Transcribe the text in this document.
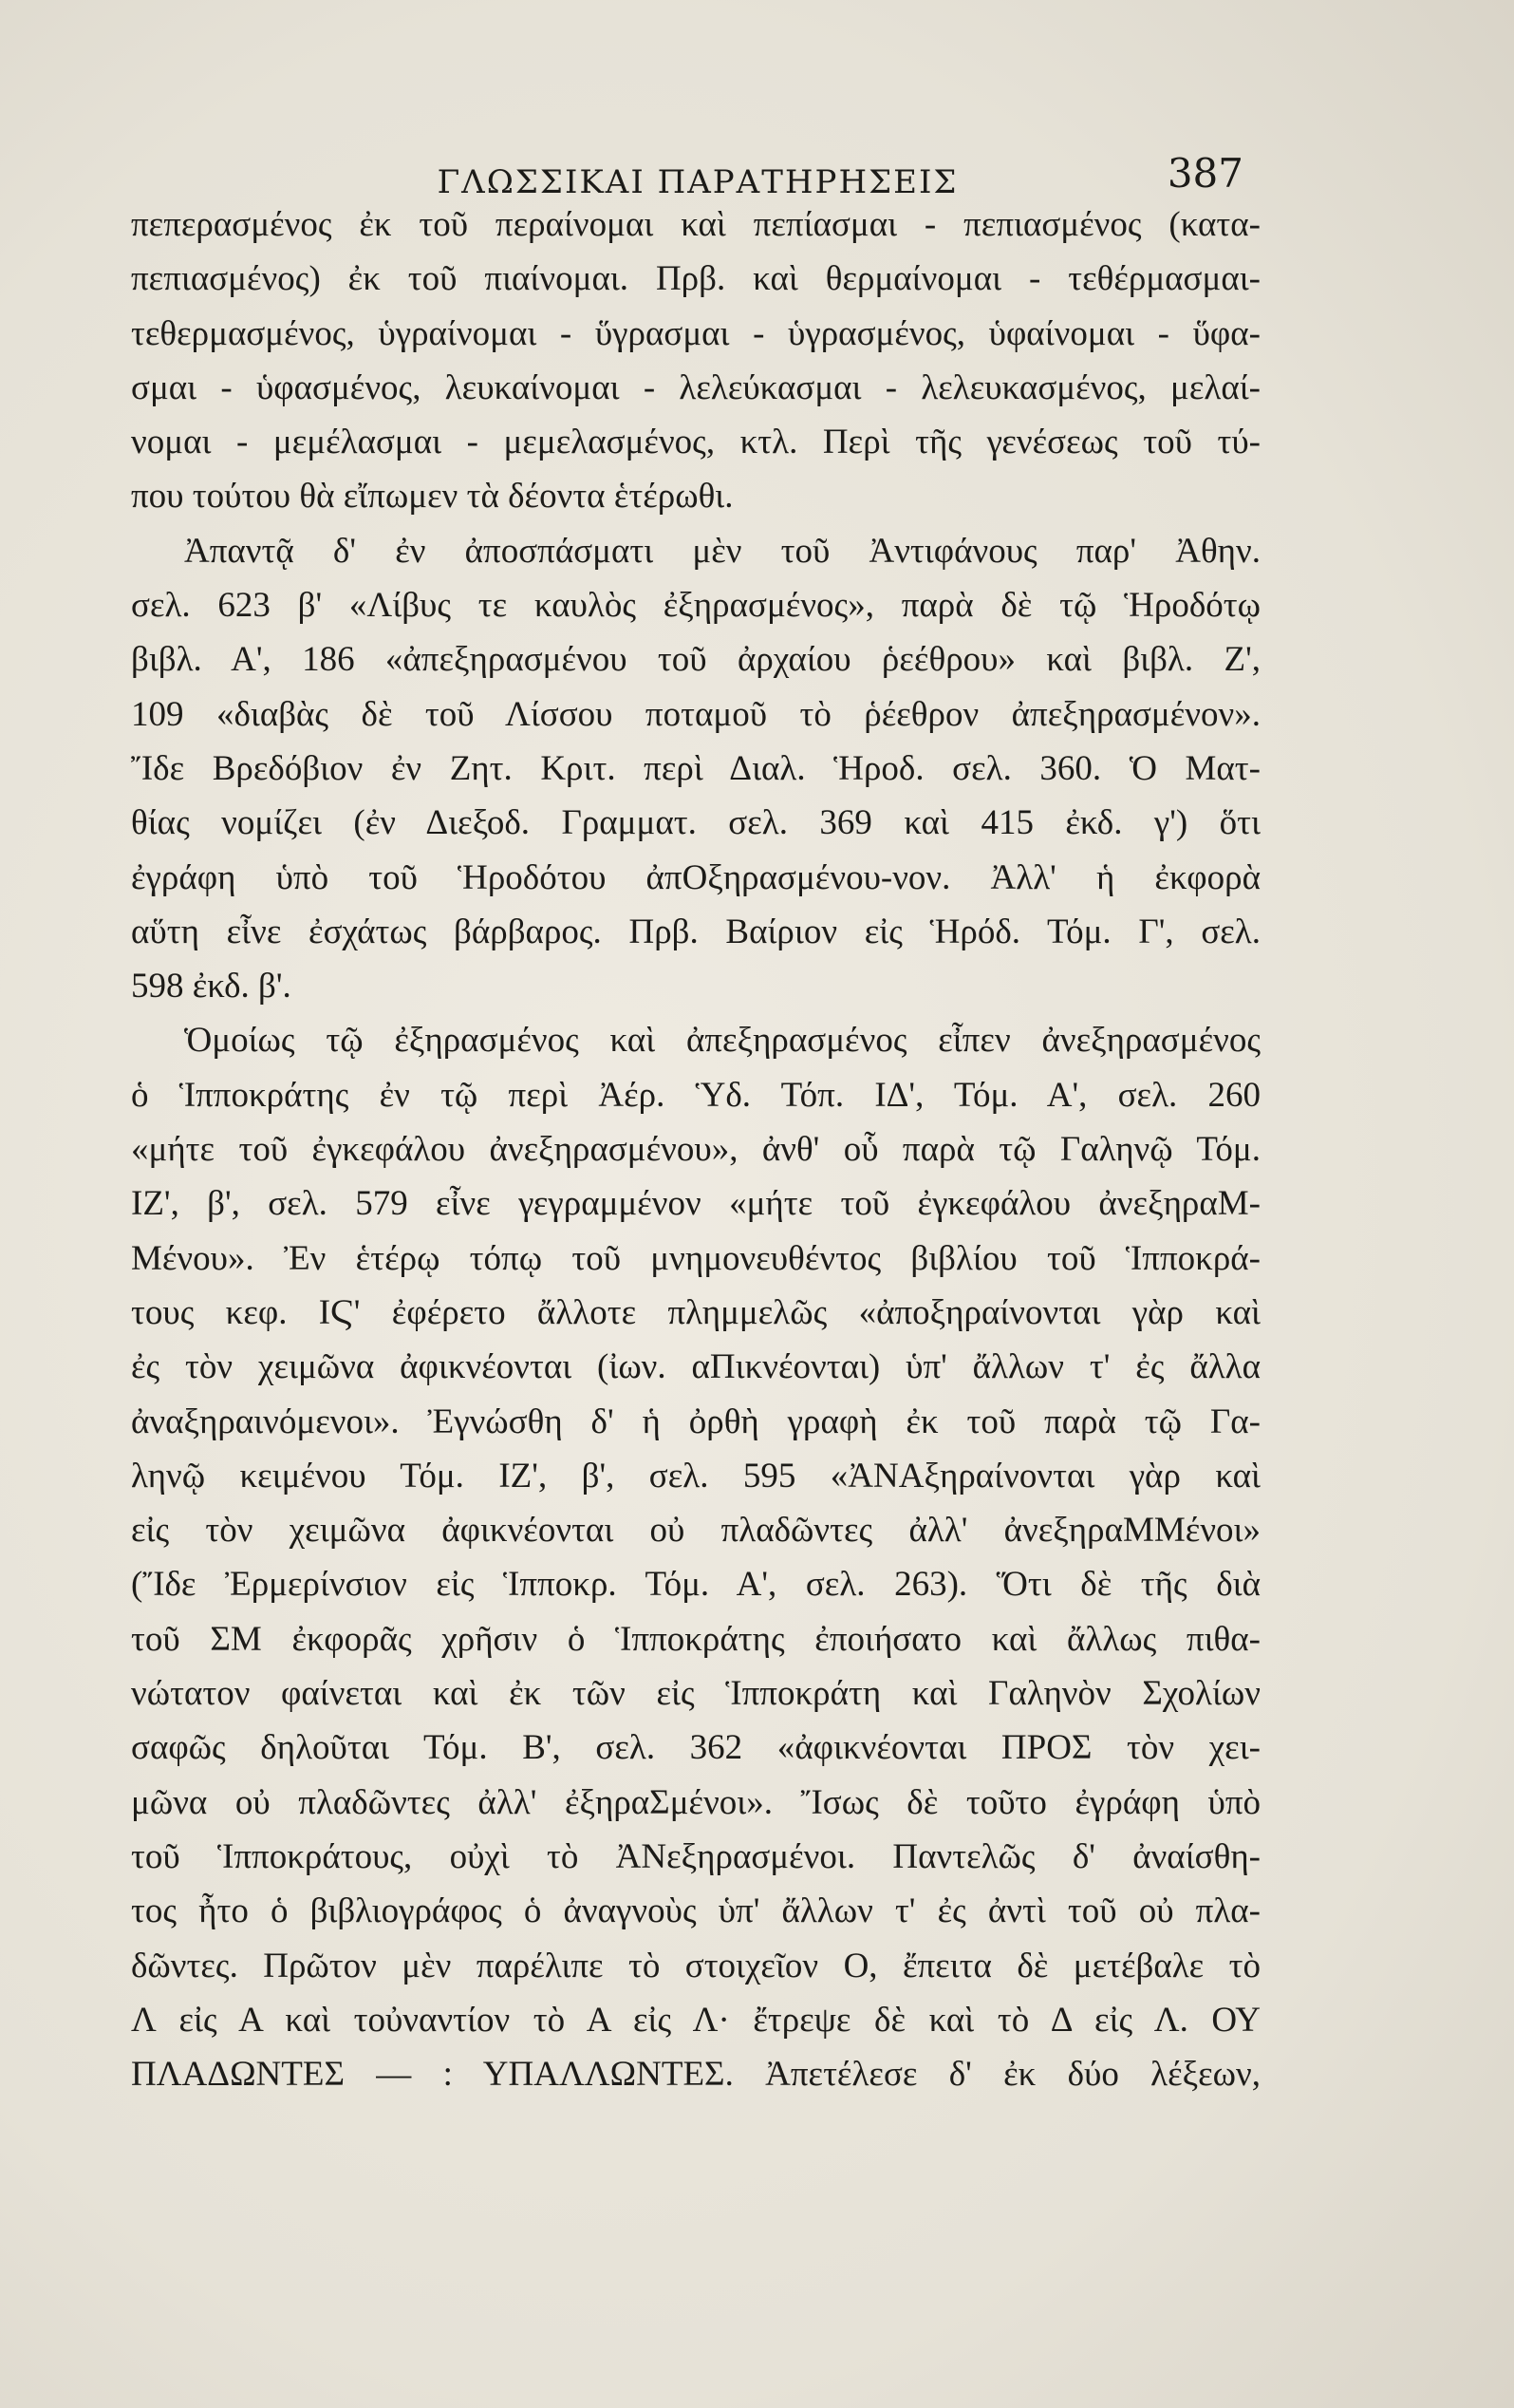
ΓΛΩΣΣΙΚΑΙ ΠΑΡΑΤΗΡΗΣΕΙΣ	387
πεπερασμένος ἐκ τοῦ περαίνομαι καὶ πεπίασμαι - πεπιασμένος (κατα-
πεπιασμένος) ἐκ τοῦ πιαίνομαι. Πρβ. καὶ θερμαίνομαι - τεθέρμασμαι-
τεθερμασμένος, ὑγραίνομαι - ὕγρασμαι - ὑγρασμένος, ὑφαίνομαι - ὕφα-
σμαι - ὑφασμένος, λευκαίνομαι - λελεύκασμαι - λελευκασμένος, μελαί-
νομαι - μεμέλασμαι - μεμελασμένος, κτλ. Περὶ τῆς γενέσεως τοῦ τύ-
που τούτου θὰ εἴπωμεν τὰ δέοντα ἑτέρωθι.
Ἀπαντᾷ δ' ἐν ἀποσπάσματι μὲν τοῦ Ἀντιφάνους παρ' Ἀθην.
σελ. 623 β' «Λίβυς τε καυλὸς ἐξηρασμένος», παρὰ δὲ τῷ Ἡροδότῳ
βιβλ. Α', 186 «ἀπεξηρασμένου τοῦ ἀρχαίου ῥεέθρου» καὶ βιβλ. Ζ',
109 «διαβὰς δὲ τοῦ Λίσσου ποταμοῦ τὸ ῥέεθρον ἀπεξηρασμένον».
Ἴδε Βρεδόβιον ἐν Ζητ. Κριτ. περὶ Διαλ. Ἡροδ. σελ. 360. Ὁ Ματ-
θίας νομίζει (ἐν Διεξοδ. Γραμματ. σελ. 369 καὶ 415 ἐκδ. γ') ὅτι
ἐγράφη ὑπὸ τοῦ Ἡροδότου ἀπΟξηρασμένου-νον. Ἀλλ' ἡ ἐκφορὰ
αὕτη εἶνε ἐσχάτως βάρβαρος. Πρβ. Βαίριον εἰς Ἡρόδ. Τόμ. Γ', σελ.
598 ἐκδ. β'.
Ὁμοίως τῷ ἐξηρασμένος καὶ ἀπεξηρασμένος εἶπεν ἀνεξηρασμένος
ὁ Ἱπποκράτης ἐν τῷ περὶ Ἀέρ. Ὑδ. Τόπ. ΙΔ', Τόμ. Α', σελ. 260
«μήτε τοῦ ἐγκεφάλου ἀνεξηρασμένου», ἀνθ' οὗ παρὰ τῷ Γαληνῷ Τόμ.
ΙΖ', β', σελ. 579 εἶνε γεγραμμένον «μήτε τοῦ ἐγκεφάλου ἀνεξηραΜ-
Μένου». Ἐν ἑτέρῳ τόπῳ τοῦ μνημονευθέντος βιβλίου τοῦ Ἱπποκρά-
τους κεφ. ΙϚ' ἐφέρετο ἄλλοτε πλημμελῶς «ἀποξηραίνονται γὰρ καὶ
ἐς τὸν χειμῶνα ἀφικνέονται (ἰων. αΠικνέονται) ὑπ' ἄλλων τ' ἐς ἄλλα
ἀναξηραινόμενοι». Ἐγνώσθη δ' ἡ ὀρθὴ γραφὴ ἐκ τοῦ παρὰ τῷ Γα-
ληνῷ κειμένου Τόμ. ΙΖ', β', σελ. 595 «ἈΝΑξηραίνονται γὰρ καὶ
εἰς τὸν χειμῶνα ἀφικνέονται οὐ πλαδῶντες ἀλλ' ἀνεξηραΜΜένοι»
(Ἴδε Ἐρμερίνσιον εἰς Ἱπποκρ. Τόμ. Α', σελ. 263). Ὅτι δὲ τῆς διὰ
τοῦ ΣΜ ἐκφορᾶς χρῆσιν ὁ Ἱπποκράτης ἐποιήσατο καὶ ἄλλως πιθα-
νώτατον φαίνεται καὶ ἐκ τῶν εἰς Ἱπποκράτη καὶ Γαληνὸν Σχολίων
σαφῶς δηλοῦται Τόμ. Β', σελ. 362 «ἀφικνέονται ΠΡΟΣ τὸν χει-
μῶνα οὐ πλαδῶντες ἀλλ' ἐξηραΣμένοι». Ἴσως δὲ τοῦτο ἐγράφη ὑπὸ
τοῦ Ἱπποκράτους, οὐχὶ τὸ ἈΝεξηρασμένοι. Παντελῶς δ' ἀναίσθη-
τος ἦτο ὁ βιβλιογράφος ὁ ἀναγνοὺς ὑπ' ἄλλων τ' ἐς ἀντὶ τοῦ οὐ πλα-
δῶντες. Πρῶτον μὲν παρέλιπε τὸ στοιχεῖον Ο, ἔπειτα δὲ μετέβαλε τὸ
Λ εἰς Α καὶ τοὐναντίον τὸ Α εἰς Λ· ἔτρεψε δὲ καὶ τὸ Δ εἰς Λ. ΟΥ
ΠΛΑΔΩΝΤΕΣ — : ΥΠΑΛΛΩΝΤΕΣ. Ἀπετέλεσε δ' ἐκ δύο λέξεων,
